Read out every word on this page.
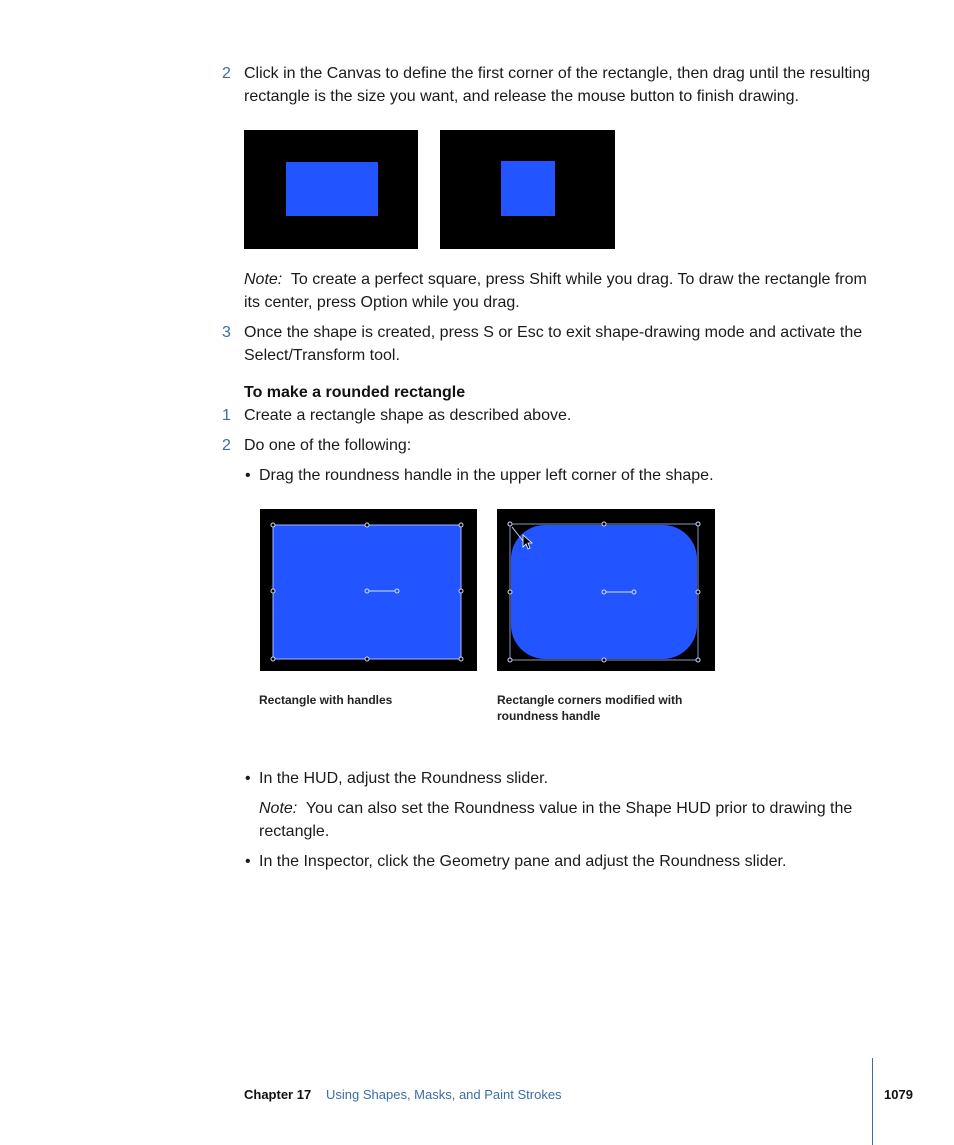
2 Click in the Canvas to define the first corner of the rectangle, then drag until the resulting rectangle is the size you want, and release the mouse button to finish drawing.
Note: To create a perfect square, press Shift while you drag. To draw the rectangle from its center, press Option while you drag.
3 Once the shape is created, press S or Esc to exit shape-drawing mode and activate the Select/Transform tool.
To make a rounded rectangle
1 Create a rectangle shape as described above.
2 Do one of the following:
• Drag the roundness handle in the upper left corner of the shape.
Rectangle with handles	Rectangle corners modified with roundness handle
• In the HUD, adjust the Roundness slider.
Note: You can also set the Roundness value in the Shape HUD prior to drawing the rectangle.
• In the Inspector, click the Geometry pane and adjust the Roundness slider.
Chapter 17 Using Shapes, Masks, and Paint Strokes	1079
